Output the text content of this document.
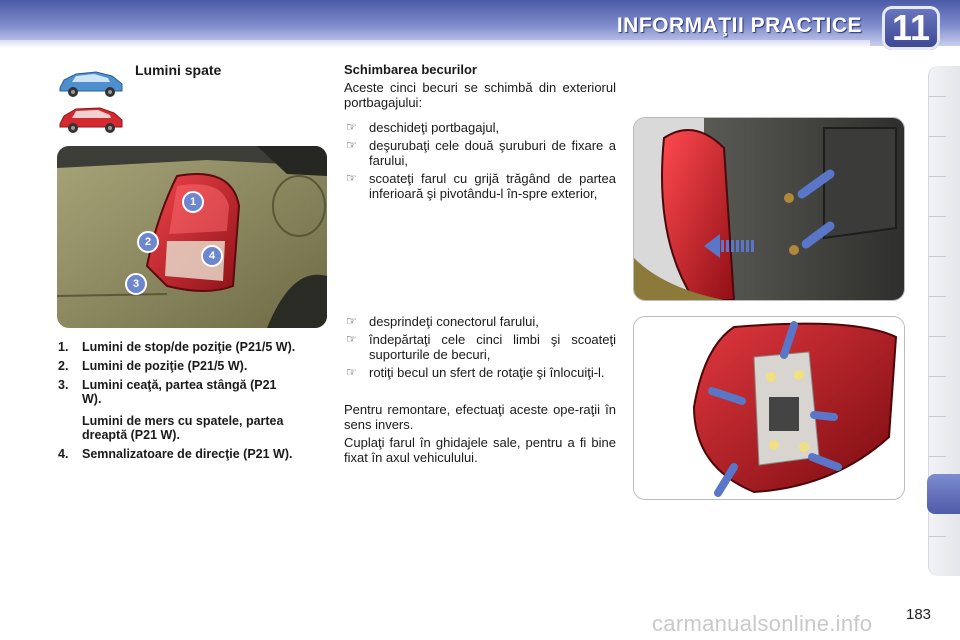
INFORMAŢII PRACTICE 11
Lumini spate
1
2
3
4
1. Lumini de stop/de poziţie (P21/5 W).
2. Lumini de poziţie (P21/5 W).
3. Lumini ceaţă, partea stângă (P21 W).
Lumini de mers cu spatele, partea dreaptă (P21 W).
4. Semnalizatoare de direcţie (P21 W).
Schimbarea becurilor

Aceste cinci becuri se schimbă din exteriorul portbagajului:

☞ deschideţi portbagajul,
☞ deşurubaţi cele două şuruburi de fixare a farului,
☞ scoateţi farul cu grijă trăgând de partea inferioară şi pivotându-l în-spre exterior,
☞ desprindeţi conectorul farului,
☞ îndepărtaţi cele cinci limbi şi scoateţi suporturile de becuri,
☞ rotiţi becul un sfert de rotaţie şi înlocuiţi-l.

Pentru remontare, efectuaţi aceste ope-raţii în sens invers.

Cuplaţi farul în ghidajele sale, pentru a fi bine fixat în axul vehiculului.

183
carmanualsonline.info
